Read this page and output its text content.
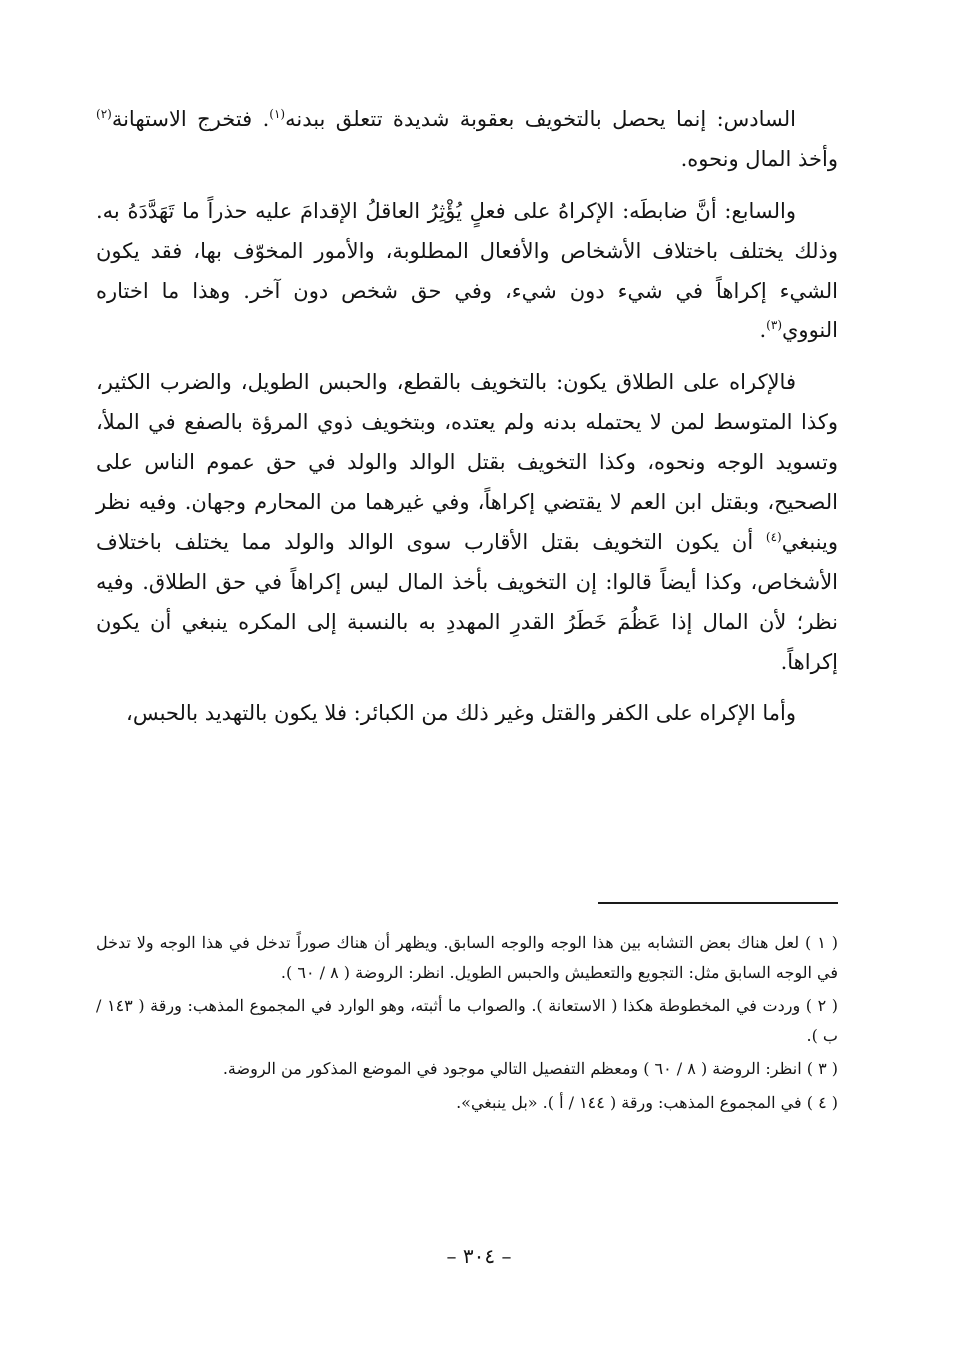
السادس: إنما يحصل بالتخويف بعقوبة شديدة تتعلق ببدنه$^{(١)}$. فتخرج الاستهانة$^{(٢)}$ وأخذ المال ونحوه.

والسابع: أنَّ ضابطَه: الإكراهُ على فعلٍ يُؤْثِرُ العاقلُ الإقدامَ عليه حذراً ما تَهَدَّدَهُ به. وذلك يختلف باختلاف الأشخاص والأفعال المطلوبة، والأمور المخوّف بها، فقد يكون الشيء إكراهاً في شيء دون شيء، وفي حق شخص دون آخر. وهذا ما اختاره النووي$^{(٣)}$.

فالإكراه على الطلاق يكون: بالتخويف بالقطع، والحبس الطويل، والضرب الكثير، وكذا المتوسط لمن لا يحتمله بدنه ولم يعتده، وبتخويف ذوي المرؤة بالصفع في الملأ، وتسويد الوجه ونحوه، وكذا التخويف بقتل الوالد والولد في حق عموم الناس على الصحيح، وبقتل ابن العم لا يقتضي إكراهاً، وفي غيرهما من المحارم وجهان. وفيه نظر وينبغي$^{(٤)}$ أن يكون التخويف بقتل الأقارب سوى الوالد والولد مما يختلف باختلاف الأشخاص، وكذا أيضاً قالوا: إن التخويف بأخذ المال ليس إكراهاً في حق الطلاق. وفيه نظر؛ لأن المال إذا عَظُمَ خَطَرُ القدرِ المهددِ به بالنسبة إلى المكره ينبغي أن يكون إكراهاً.

وأما الإكراه على الكفر والقتل وغير ذلك من الكبائر: فلا يكون بالتهديد بالحبس،

( ١ ) لعل هناك بعض التشابه بين هذا الوجه والوجه السابق. ويظهر أن هناك صوراً تدخل في هذا الوجه ولا تدخل في الوجه السابق مثل: التجويع والتعطيش والحبس الطويل. انظر: الروضة ( ٨ / ٦٠ ).

( ٢ ) وردت في المخطوطة هكذا ( الاستعانة ). والصواب ما أثبته، وهو الوارد في المجموع المذهب: ورقة ( ١٤٣ / ب ).

( ٣ ) انظر: الروضة ( ٨ / ٦٠ ) ومعظم التفصيل التالي موجود في الموضع المذكور من الروضة.

( ٤ ) في المجموع المذهب: ورقة ( ١٤٤ / أ ). «بل ينبغي».

– ٣٠٤ –
